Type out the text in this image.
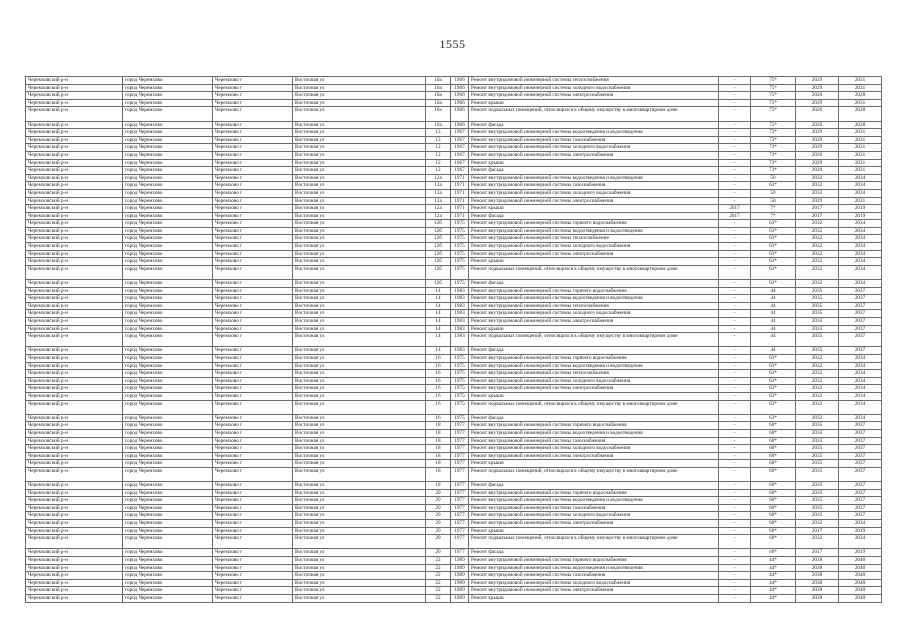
1555
Черемховский р-н	город Черемхово	Черемхово г	Восточная ул	10а	1966	Ремонт внутридомовой инженерной системы теплоснабжения	-	75*	2029	2031
Черемховский р-н	город Черемхово	Черемхово г	Восточная ул	10а	1966	Ремонт внутридомовой инженерной системы холодного водоснабжения	-	75*	2029	2031
Черемховский р-н	город Черемхово	Черемхово г	Восточная ул	10а	1966	Ремонт внутридомовой инженерной системы электроснабжения	-	75*	2026	2028
Черемховский р-н	город Черемхово	Черемхово г	Восточная ул	10а	1966	Ремонт крыши	-	75*	2029	2031
Черемховский р-н	город Черемхово	Черемхово г	Восточная ул	10а	1966	Ремонт подвальных помещений, относящихся к общему имуществу в многоквартирном доме	-	75*	2026	2028
Черемховский р-н	город Черемхово	Черемхово г	Восточная ул	10а	1966	Ремонт фасада	-	75*	2026	2028
Черемховский р-н	город Черемхово	Черемхово г	Восточная ул	12	1967	Ремонт внутридомовой инженерной системы водоотведения и водоотведения	-	73*	2029	2031
Черемховский р-н	город Черемхово	Черемхово г	Восточная ул	12	1967	Ремонт внутридомовой инженерной системы газоснабжения	-	73*	2029	2031
Черемховский р-н	город Черемхово	Черемхово г	Восточная ул	12	1967	Ремонт внутридомовой инженерной системы холодного водоснабжения	-	73*	2029	2031
Черемховский р-н	город Черемхово	Черемхово г	Восточная ул	12	1967	Ремонт внутридомовой инженерной системы электроснабжения	-	73*	2026	2031
Черемховский р-н	город Черемхово	Черемхово г	Восточная ул	12	1967	Ремонт крыши	-	73*	2029	2031
Черемховский р-н	город Черемхово	Черемхово г	Восточная ул	12	1967	Ремонт фасада	-	73*	2029	2031
Черемховский р-н	город Черемхово	Черемхово г	Восточная ул	12а	1971	Ремонт внутридомовой инженерной системы водоотведения и водоотведения	-	50	2032	2034
Черемховский р-н	город Черемхово	Черемхово г	Восточная ул	12а	1971	Ремонт внутридомовой инженерной системы газоснабжения	-	63*	2032	2034
Черемховский р-н	город Черемхово	Черемхово г	Восточная ул	12а	1971	Ремонт внутридомовой инженерной системы холодного водоснабжения	-	50	2032	2034
Черемховский р-н	город Черемхово	Черемхово г	Восточная ул	12а	1971	Ремонт внутридомовой инженерной системы электроснабжения	-	50	2029	2031
Черемховский р-н	город Черемхово	Черемхово г	Восточная ул	12а	1971	Ремонт крыши	2017	7*	2017	2019
Черемховский р-н	город Черемхово	Черемхово г	Восточная ул	12а	1971	Ремонт фасада	2017	7*	2017	2019
Черемховский р-н	город Черемхово	Черемхово г	Восточная ул	12б	1975	Ремонт внутридомовой инженерной системы горячего водоснабжения	-	63*	2032	2034
Черемховский р-н	город Черемхово	Черемхово г	Восточная ул	12б	1975	Ремонт внутридомовой инженерной системы водоотведения и водоотведения	-	63*	2032	2034
Черемховский р-н	город Черемхово	Черемхово г	Восточная ул	12б	1975	Ремонт внутридомовой инженерной системы теплоснабжения	-	63*	2032	2034
Черемховский р-н	город Черемхово	Черемхово г	Восточная ул	12б	1975	Ремонт внутридомовой инженерной системы холодного водоснабжения	-	63*	2032	2034
Черемховский р-н	город Черемхово	Черемхово г	Восточная ул	12б	1975	Ремонт внутридомовой инженерной системы электроснабжения	-	63*	2032	2034
Черемховский р-н	город Черемхово	Черемхово г	Восточная ул	12б	1975	Ремонт крыши	-	63*	2032	2034
Черемховский р-н	город Черемхово	Черемхово г	Восточная ул	12б	1975	Ремонт подвальных помещений, относящихся к общему имуществу в многоквартирном доме	-	63*	2032	2034
Черемховский р-н	город Черемхово	Черемхово г	Восточная ул	12б	1975	Ремонт фасада	-	63*	2032	2034
Черемховский р-н	город Черемхово	Черемхово г	Восточная ул	14	1983	Ремонт внутридомовой инженерной системы горячего водоснабжения	-	44	2035	2037
Черемховский р-н	город Черемхово	Черемхово г	Восточная ул	14	1983	Ремонт внутридомовой инженерной системы водоотведения и водоотведения	-	44	2035	2037
Черемховский р-н	город Черемхово	Черемхово г	Восточная ул	14	1983	Ремонт внутридомовой инженерной системы теплоснабжения	-	44	2035	2037
Черемховский р-н	город Черемхово	Черемхово г	Восточная ул	14	1983	Ремонт внутридомовой инженерной системы холодного водоснабжения	-	44	2035	2037
Черемховский р-н	город Черемхово	Черемхово г	Восточная ул	14	1983	Ремонт внутридомовой инженерной системы электроснабжения	-	44	2035	2037
Черемховский р-н	город Черемхово	Черемхово г	Восточная ул	14	1983	Ремонт крыши	-	44	2035	2037
Черемховский р-н	город Черемхово	Черемхово г	Восточная ул	14	1983	Ремонт подвальных помещений, относящихся к общему имуществу в многоквартирном доме	-	44	2035	2037
Черемховский р-н	город Черемхово	Черемхово г	Восточная ул	14	1983	Ремонт фасада	-	44	2035	2037
Черемховский р-н	город Черемхово	Черемхово г	Восточная ул	16	1975	Ремонт внутридомовой инженерной системы горячего водоснабжения	-	63*	2032	2034
Черемховский р-н	город Черемхово	Черемхово г	Восточная ул	16	1975	Ремонт внутридомовой инженерной системы водоотведения и водоотведения	-	63*	2032	2034
Черемховский р-н	город Черемхово	Черемхово г	Восточная ул	16	1975	Ремонт внутридомовой инженерной системы теплоснабжения	-	63*	2032	2034
Черемховский р-н	город Черемхово	Черемхово г	Восточная ул	16	1975	Ремонт внутридомовой инженерной системы холодного водоснабжения	-	63*	2032	2034
Черемховский р-н	город Черемхово	Черемхово г	Восточная ул	16	1975	Ремонт внутридомовой инженерной системы электроснабжения	-	63*	2032	2034
Черемховский р-н	город Черемхово	Черемхово г	Восточная ул	16	1975	Ремонт крыши	-	63*	2032	2034
Черемховский р-н	город Черемхово	Черемхово г	Восточная ул	16	1975	Ремонт подвальных помещений, относящихся к общему имуществу в многоквартирном доме	-	63*	2032	2034
Черемховский р-н	город Черемхово	Черемхово г	Восточная ул	16	1975	Ремонт фасада	-	63*	2032	2034
Черемховский р-н	город Черемхово	Черемхово г	Восточная ул	18	1977	Ремонт внутридомовой инженерной системы горячего водоснабжения	-	60*	2035	2037
Черемховский р-н	город Черемхово	Черемхово г	Восточная ул	18	1977	Ремонт внутридомовой инженерной системы водоотведения и водоотведения	-	60*	2035	2037
Черемховский р-н	город Черемхово	Черемхово г	Восточная ул	18	1977	Ремонт внутридомовой инженерной системы газоснабжения	-	60*	2035	2037
Черемховский р-н	город Черемхово	Черемхово г	Восточная ул	18	1977	Ремонт внутридомовой инженерной системы холодного водоснабжения	-	60*	2035	2037
Черемховский р-н	город Черемхово	Черемхово г	Восточная ул	18	1977	Ремонт внутридомовой инженерной системы электроснабжения	-	60*	2035	2037
Черемховский р-н	город Черемхово	Черемхово г	Восточная ул	18	1977	Ремонт крыши	-	60*	2035	2037
Черемховский р-н	город Черемхово	Черемхово г	Восточная ул	18	1977	Ремонт подвальных помещений, относящихся к общему имуществу в многоквартирном доме	-	60*	2035	2037
Черемховский р-н	город Черемхово	Черемхово г	Восточная ул	18	1977	Ремонт фасада	-	60*	2035	2037
Черемховский р-н	город Черемхово	Черемхово г	Восточная ул	20	1977	Ремонт внутридомовой инженерной системы горячего водоснабжения	-	60*	2035	2037
Черемховский р-н	город Черемхово	Черемхово г	Восточная ул	20	1977	Ремонт внутридомовой инженерной системы водоотведения и водоотведения	-	60*	2035	2037
Черемховский р-н	город Черемхово	Черемхово г	Восточная ул	20	1977	Ремонт внутридомовой инженерной системы газоснабжения	-	60*	2035	2037
Черемховский р-н	город Черемхово	Черемхово г	Восточная ул	20	1977	Ремонт внутридомовой инженерной системы холодного водоснабжения	-	60*	2035	2037
Черемховский р-н	город Черемхово	Черемхово г	Восточная ул	20	1977	Ремонт внутридомовой инженерной системы электроснабжения	-	60*	2032	2034
Черемховский р-н	город Черемхово	Черемхово г	Восточная ул	20	1977	Ремонт крыши	-	60*	2017	2019
Черемховский р-н	город Черемхово	Черемхово г	Восточная ул	20	1977	Ремонт подвальных помещений, относящихся к общему имуществу в многоквартирном доме	-	60*	2032	2034
Черемховский р-н	город Черемхово	Черемхово г	Восточная ул	20	1977	Ремонт фасада	-	60*	2017	2019
Черемховский р-н	город Черемхово	Черемхово г	Восточная ул	22	1989	Ремонт внутридомовой инженерной системы горячего водоснабжения	-	44*	2038	2040
Черемховский р-н	город Черемхово	Черемхово г	Восточная ул	22	1989	Ремонт внутридомовой инженерной системы водоотведения и водоотведения	-	44*	2038	2040
Черемховский р-н	город Черемхово	Черемхово г	Восточная ул	22	1989	Ремонт внутридомовой инженерной системы газоснабжения	-	44*	2038	2040
Черемховский р-н	город Черемхово	Черемхово г	Восточная ул	22	1989	Ремонт внутридомовой инженерной системы холодного водоснабжения	-	44*	2038	2040
Черемховский р-н	город Черемхово	Черемхово г	Восточная ул	22	1989	Ремонт внутридомовой инженерной системы электроснабжения	-	44*	2038	2040
Черемховский р-н	город Черемхово	Черемхово г	Восточная ул	22	1989	Ремонт крыши	-	44*	2038	2040
